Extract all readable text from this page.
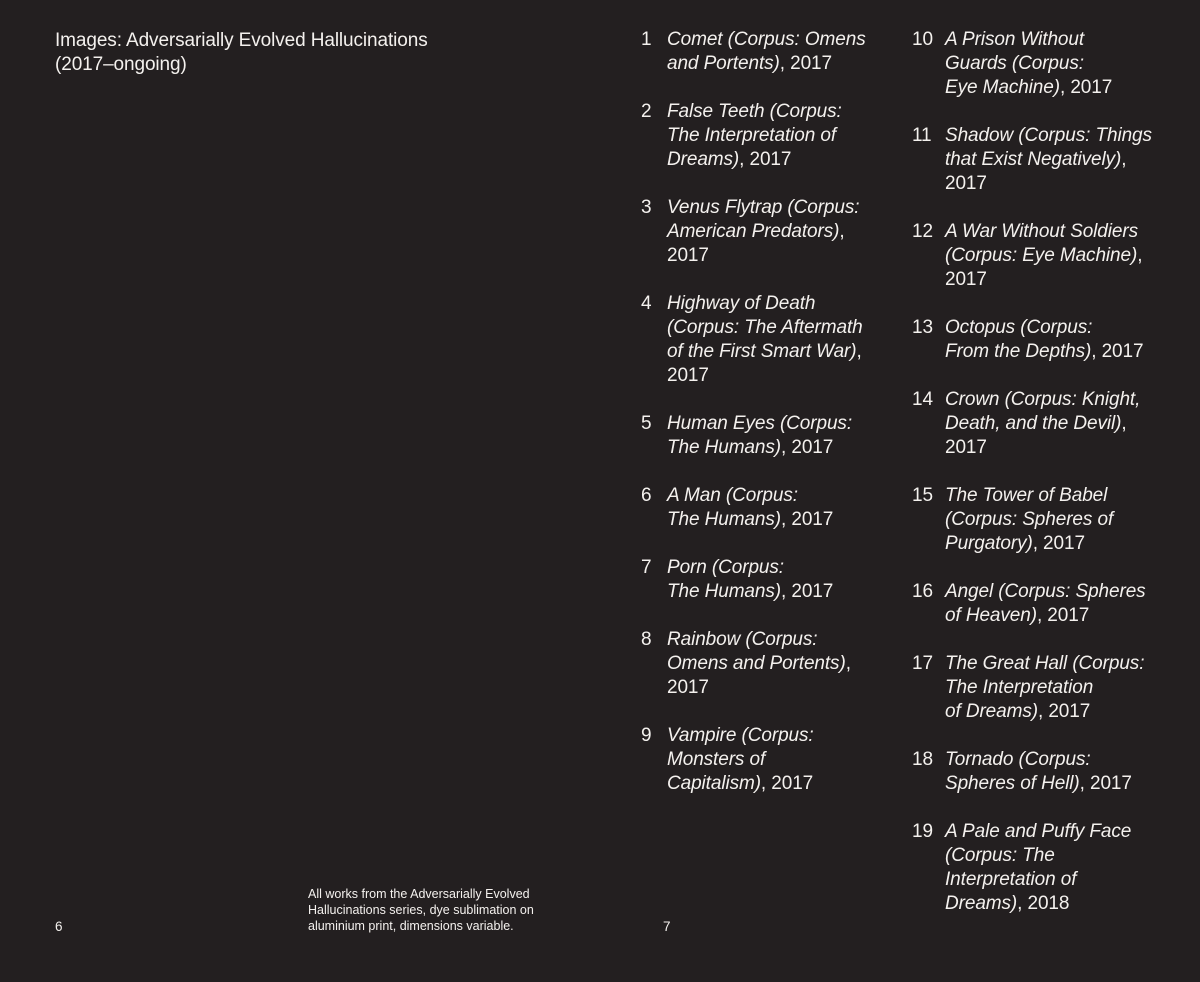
Images: Adversarially Evolved Hallucinations
(2017–ongoing)
1 Comet (Corpus: Omens
and Portents), 2017
2 False Teeth (Corpus:
The Interpretation of
Dreams), 2017
3 Venus Flytrap (Corpus:
American Predators),
2017
4 Highway of Death
(Corpus: The Aftermath
of the First Smart War),
2017
5 Human Eyes (Corpus:
The Humans), 2017
6 A Man (Corpus:
The Humans), 2017
7 Porn (Corpus:
The Humans), 2017
8 Rainbow (Corpus:
Omens and Portents),
2017
9 Vampire (Corpus:
Monsters of
Capitalism), 2017
10 A Prison Without
Guards (Corpus:
Eye Machine), 2017
11 Shadow (Corpus: Things
that Exist Negatively),
2017
12 A War Without Soldiers
(Corpus: Eye Machine),
2017
13 Octopus (Corpus:
From the Depths), 2017
14 Crown (Corpus: Knight,
Death, and the Devil),
2017
15 The Tower of Babel
(Corpus: Spheres of
Purgatory), 2017
16 Angel (Corpus: Spheres
of Heaven), 2017
17 The Great Hall (Corpus:
The Interpretation
of Dreams), 2017
18 Tornado (Corpus:
Spheres of Hell), 2017
19 A Pale and Puffy Face
(Corpus: The
Interpretation of
Dreams), 2018
All works from the Adversarially Evolved
Hallucinations series, dye sublimation on
aluminium print, dimensions variable.
6	7
